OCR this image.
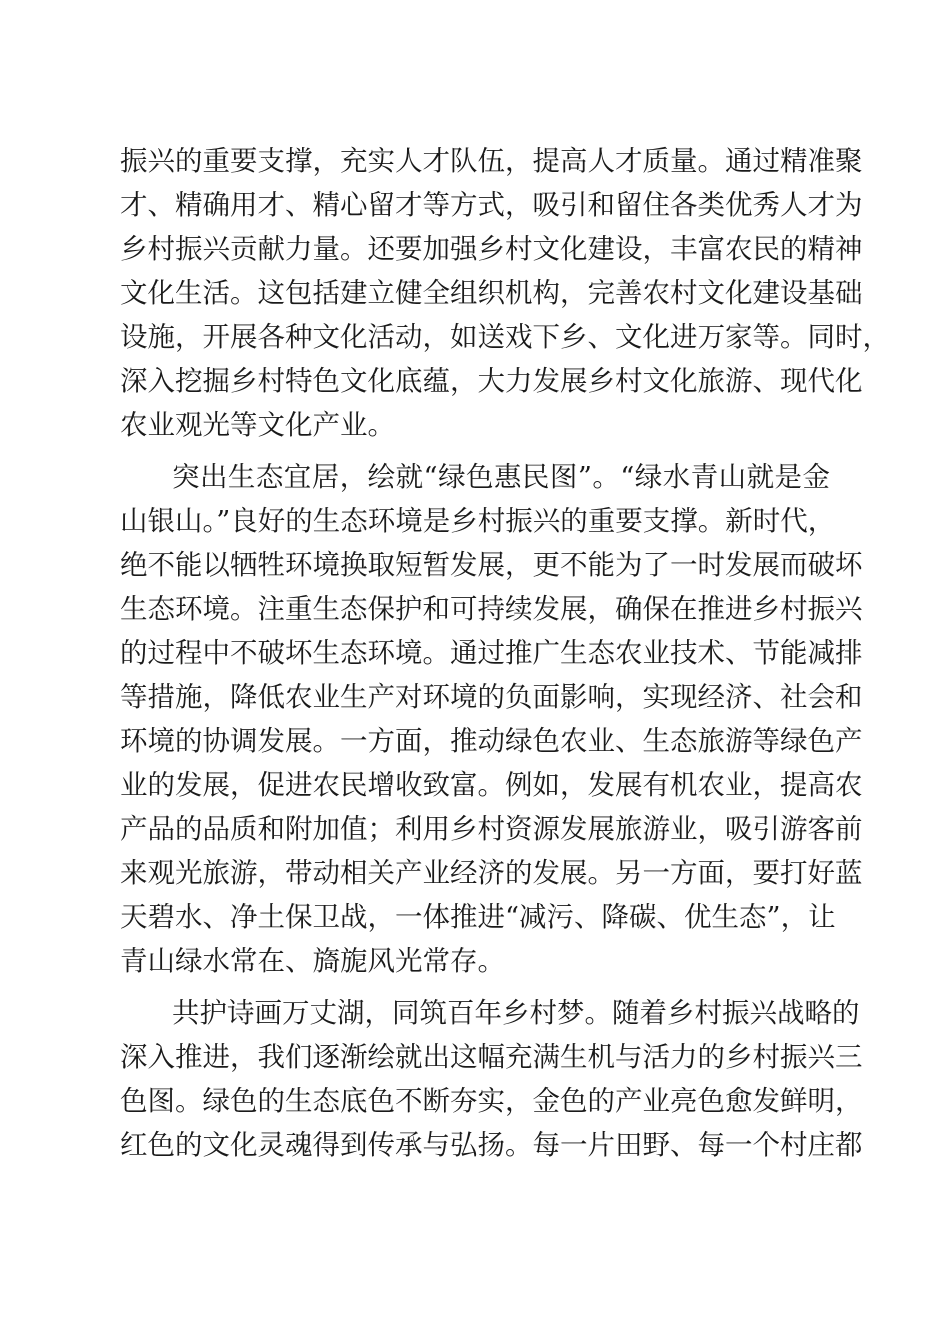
振兴的重要支撑，充实人才队伍，提高人才质量。通过精准聚
才、精确用才、精心留才等方式，吸引和留住各类优秀人才为
乡村振兴贡献力量。还要加强乡村文化建设，丰富农民的精神
文化生活。这包括建立健全组织机构，完善农村文化建设基础
设施，开展各种文化活动，如送戏下乡、文化进万家等。同时，
深入挖掘乡村特色文化底蕴，大力发展乡村文化旅游、现代化
农业观光等文化产业。
突出生态宜居，绘就“绿色惠民图”。“绿水青山就是金
山银山。”良好的生态环境是乡村振兴的重要支撑。新时代，
绝不能以牺牲环境换取短暂发展，更不能为了一时发展而破坏
生态环境。注重生态保护和可持续发展，确保在推进乡村振兴
的过程中不破坏生态环境。通过推广生态农业技术、节能减排
等措施，降低农业生产对环境的负面影响，实现经济、社会和
环境的协调发展。一方面，推动绿色农业、生态旅游等绿色产
业的发展，促进农民增收致富。例如，发展有机农业，提高农
产品的品质和附加值；利用乡村资源发展旅游业，吸引游客前
来观光旅游，带动相关产业经济的发展。另一方面，要打好蓝
天碧水、净土保卫战，一体推进“减污、降碳、优生态”，让
青山绿水常在、旖旎风光常存。
共护诗画万丈湖，同筑百年乡村梦。随着乡村振兴战略的
深入推进，我们逐渐绘就出这幅充满生机与活力的乡村振兴三
色图。绿色的生态底色不断夯实，金色的产业亮色愈发鲜明，
红色的文化灵魂得到传承与弘扬。每一片田野、每一个村庄都
